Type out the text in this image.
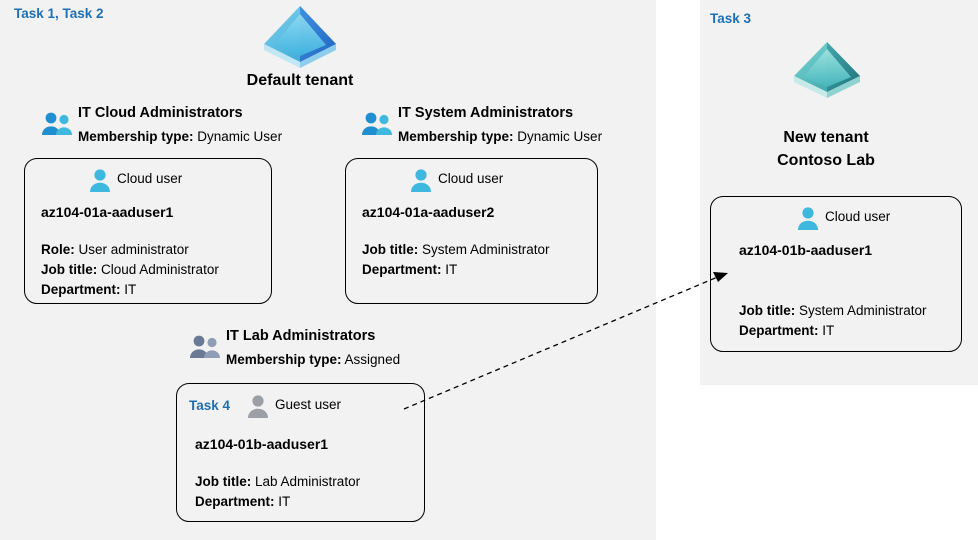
Task 1, Task 2	Task 3
Default tenant
New tenant
Contoso Lab
IT Cloud Administrators
Membership type: Dynamic User
Cloud user
az104-01a-aaduser1
Role: User administrator
Job title: Cloud Administrator
Department: IT
IT System Administrators
Membership type: Dynamic User
Cloud user
az104-01a-aaduser2
Job title: System Administrator
Department: IT
IT Lab Administrators
Membership type: Assigned
Task 4	Guest user
az104-01b-aaduser1
Job title: Lab Administrator
Department: IT
Cloud user
az104-01b-aaduser1
Job title: System Administrator
Department: IT
